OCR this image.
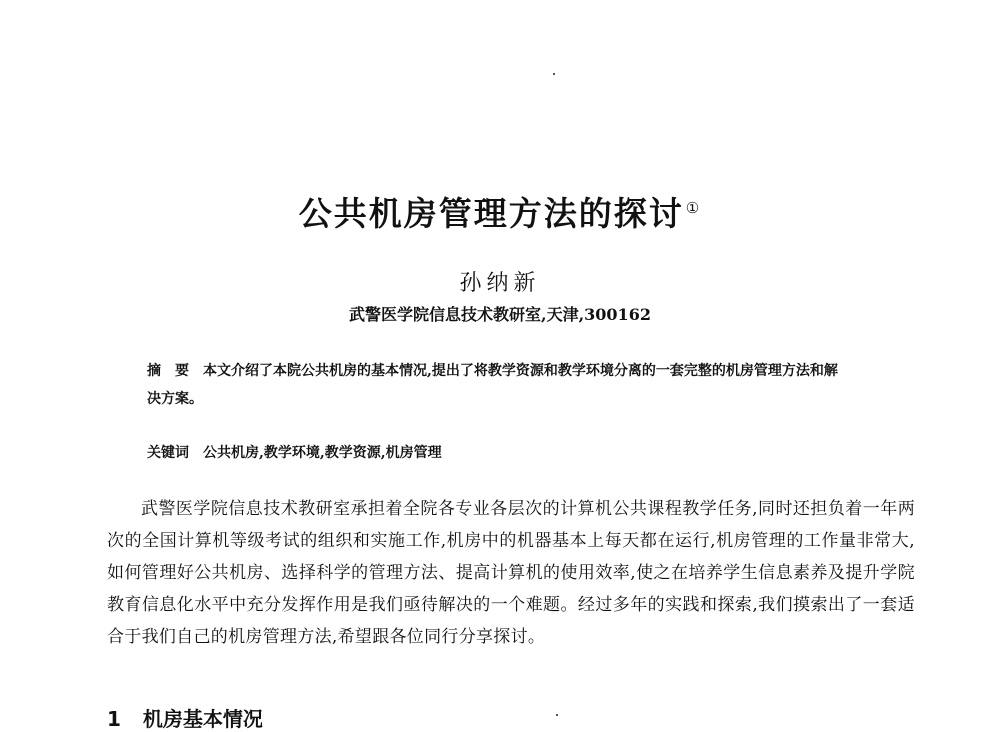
公共机房管理方法的探讨 ①
孙纳新
武警医学院信息技术教研室,天津,300162
摘　要 本文介绍了本院公共机房的基本情况,提出了将教学资源和教学环境分离的一套完整的机房管理方法和解决方案。
关键词 公共机房,教学环境,教学资源,机房管理
武警医学院信息技术教研室承担着全院各专业各层次的计算机公共课程教学任务,同时还担负着一年两次的全国计算机等级考试的组织和实施工作,机房中的机器基本上每天都在运行,机房管理的工作量非常大,如何管理好公共机房、选择科学的管理方法、提高计算机的使用效率,使之在培养学生信息素养及提升学院教育信息化水平中充分发挥作用是我们亟待解决的一个难题。经过多年的实践和探索,我们摸索出了一套适合于我们自己的机房管理方法,希望跟各位同行分享探讨。
1 机房基本情况
